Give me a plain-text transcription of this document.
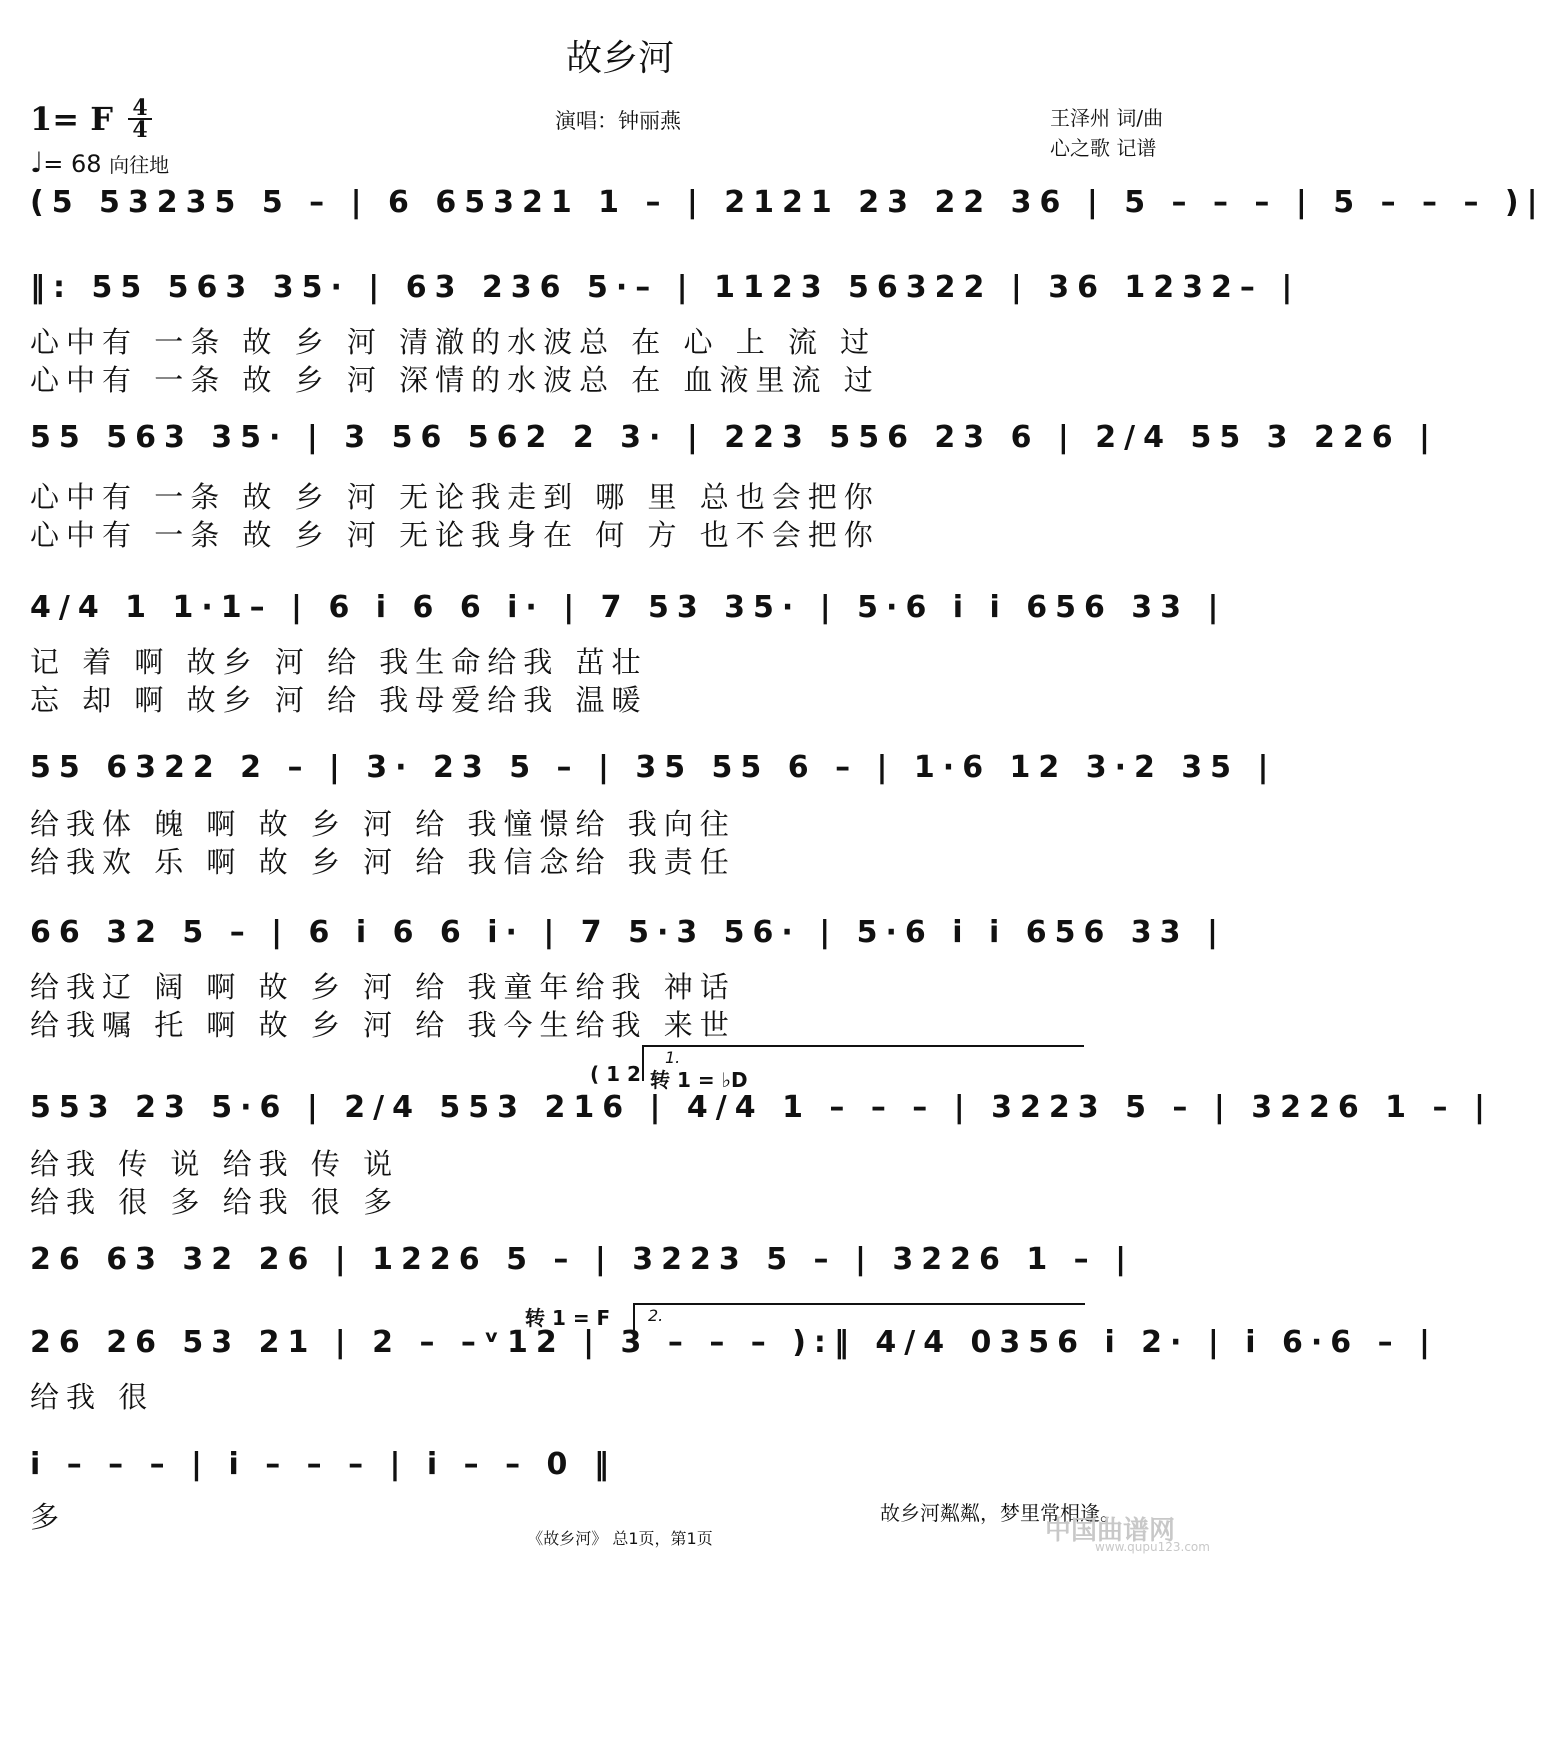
故乡河
1= F 4
4
♩= 68 向往地
演唱：钟丽燕	王泽州 词/曲
心之歌 记谱
(5 53235 5 – | 6 65321 1 – | 2121 23 22 36 | 5 – – – | 5 – – – )|
‖: 55 563 35· | 63 236 5·– | 1123 56322 | 36 1232– |
心中有 一条 故 乡 河 清澈的水波总 在 心 上 流 过
心中有 一条 故 乡 河 深情的水波总 在 血液里流 过
55 563 35· | 3 56 562 2 3· | 223 556 23 6 | 2/4 55 3 226 |
心中有 一条 故 乡 河 无论我走到 哪 里 总也会把你
心中有 一条 故 乡 河 无论我身在 何 方 也不会把你
4/4 1 1·1– | 6 i 6 6 i· | 7 53 35· | 5·6 i i 656 33 |
记 着 啊 故乡 河 给 我生命给我 茁壮
忘 却 啊 故乡 河 给 我母爱给我 温暖
55 6322 2 – | 3· 23 5 – | 35 55 6 – | 1·6 12 3·2 35 |
给我体 魄 啊 故 乡 河 给 我憧憬给 我向往
给我欢 乐 啊 故 乡 河 给 我信念给 我责任
66 32 5 – | 6 i 6 6 i· | 7 5·3 56· | 5·6 i i 656 33 |
给我辽 阔 啊 故 乡 河 给 我童年给我 神话
给我嘱 托 啊 故 乡 河 给 我今生给我 来世
1.
( 1 2 转 1 = ♭D
553 23 5·6 | 2/4 553 216 | 4/4 1 – – – | 3223 5 – | 3226 1 – |
给我 传 说 给我 传 说
给我 很 多 给我 很 多
26 63 32 26 | 1226 5 – | 3223 5 – | 3226 1 – |
转 1 = F 2.
26 26 53 21 | 2 – –ᵛ12 | 3 – – – ):‖ 4/4 0356 i 2· | i 6·6 – |
给我 很
i – – – | i – – – | i – – 0 ‖
多	故乡河粼粼，梦里常相逢。
《故乡河》 总1页，第1页	中国曲谱网
www.qupu123.com
